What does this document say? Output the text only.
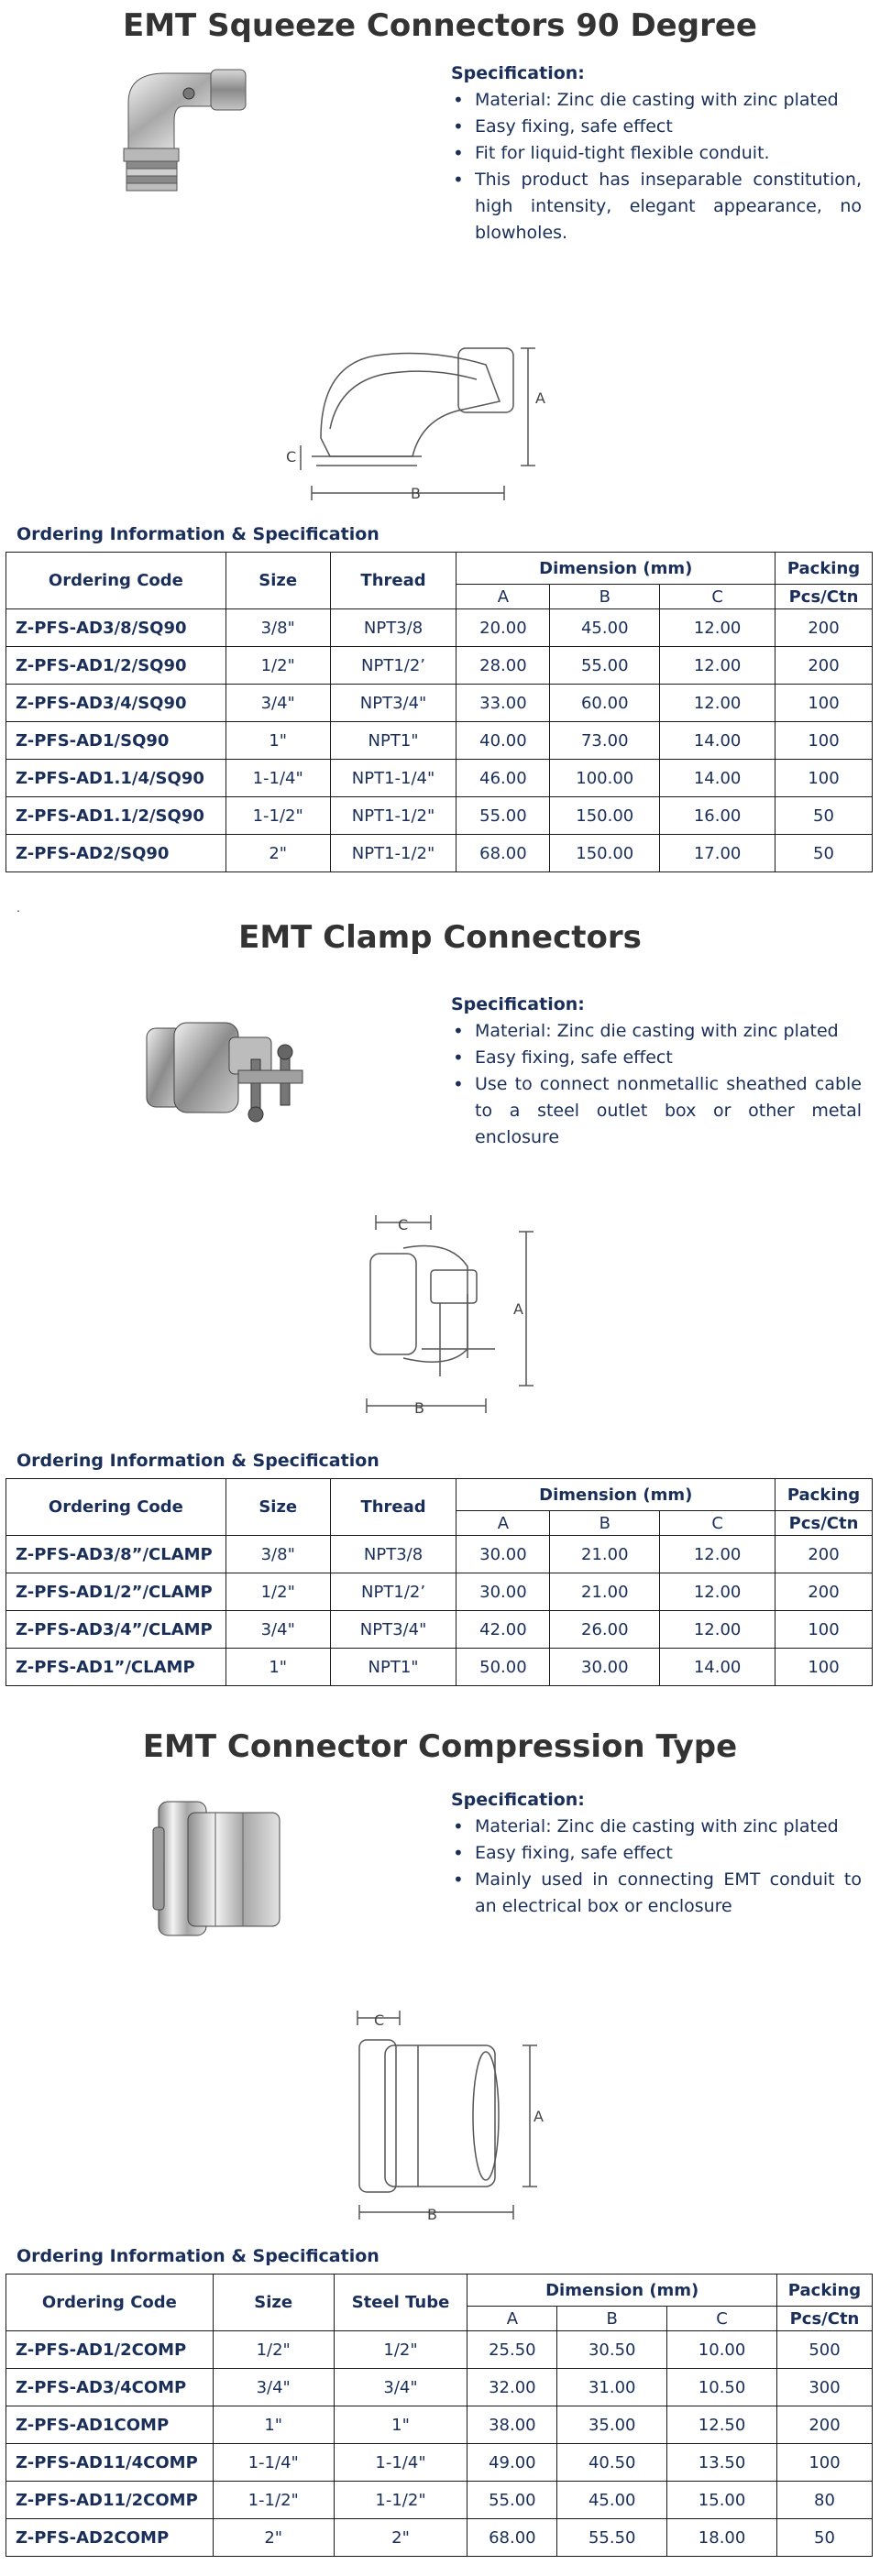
EMT Squeeze Connectors 90 Degree

Specification:

• Material: Zinc die casting with zinc plated
• Easy fixing, safe effect
• Fit for liquid-tight flexible conduit.
• This product has inseparable constitution, high intensity, elegant appearance, no blowholes.
A
B
C
Ordering Information & Specification
Ordering Code	Size	Thread	Dimension (mm)			Packing
			A	B	C	Pcs/Ctn
Z-PFS-AD3/8/SQ90	3/8"	NPT3/8	20.00	45.00	12.00	200
Z-PFS-AD1/2/SQ90	1/2"	NPT1/2’	28.00	55.00	12.00	200
Z-PFS-AD3/4/SQ90	3/4"	NPT3/4"	33.00	60.00	12.00	100
Z-PFS-AD1/SQ90	1"	NPT1"	40.00	73.00	14.00	100
Z-PFS-AD1.1/4/SQ90	1-1/4"	NPT1-1/4"	46.00	100.00	14.00	100
Z-PFS-AD1.1/2/SQ90	1-1/2"	NPT1-1/2"	55.00	150.00	16.00	50
Z-PFS-AD2/SQ90	2"	NPT1-1/2"	68.00	150.00	17.00	50
.
EMT Clamp Connectors

Specification:

• Material: Zinc die casting with zinc plated
• Easy fixing, safe effect
• Use to connect nonmetallic sheathed cable to a steel outlet box or other metal enclosure
A
B
C
Ordering Information & Specification
Ordering Code	Size	Thread	Dimension (mm)			Packing
			A	B	C	Pcs/Ctn
Z-PFS-AD3/8”/CLAMP	3/8"	NPT3/8	30.00	21.00	12.00	200
Z-PFS-AD1/2”/CLAMP	1/2"	NPT1/2’	30.00	21.00	12.00	200
Z-PFS-AD3/4”/CLAMP	3/4"	NPT3/4"	42.00	26.00	12.00	100
Z-PFS-AD1”/CLAMP	1"	NPT1"	50.00	30.00	14.00	100
EMT Connector Compression Type

Specification:

• Material: Zinc die casting with zinc plated
• Easy fixing, safe effect
• Mainly used in connecting EMT conduit to an electrical box or enclosure
A
B
C
Ordering Information & Specification
Ordering Code	Size	Steel Tube	Dimension (mm)			Packing
			A	B	C	Pcs/Ctn
Z-PFS-AD1/2COMP	1/2"	1/2"	25.50	30.50	10.00	500
Z-PFS-AD3/4COMP	3/4"	3/4"	32.00	31.00	10.50	300
Z-PFS-AD1COMP	1"	1"	38.00	35.00	12.50	200
Z-PFS-AD11/4COMP	1-1/4"	1-1/4"	49.00	40.50	13.50	100
Z-PFS-AD11/2COMP	1-1/2"	1-1/2"	55.00	45.00	15.00	80
Z-PFS-AD2COMP	2"	2"	68.00	55.50	18.00	50
